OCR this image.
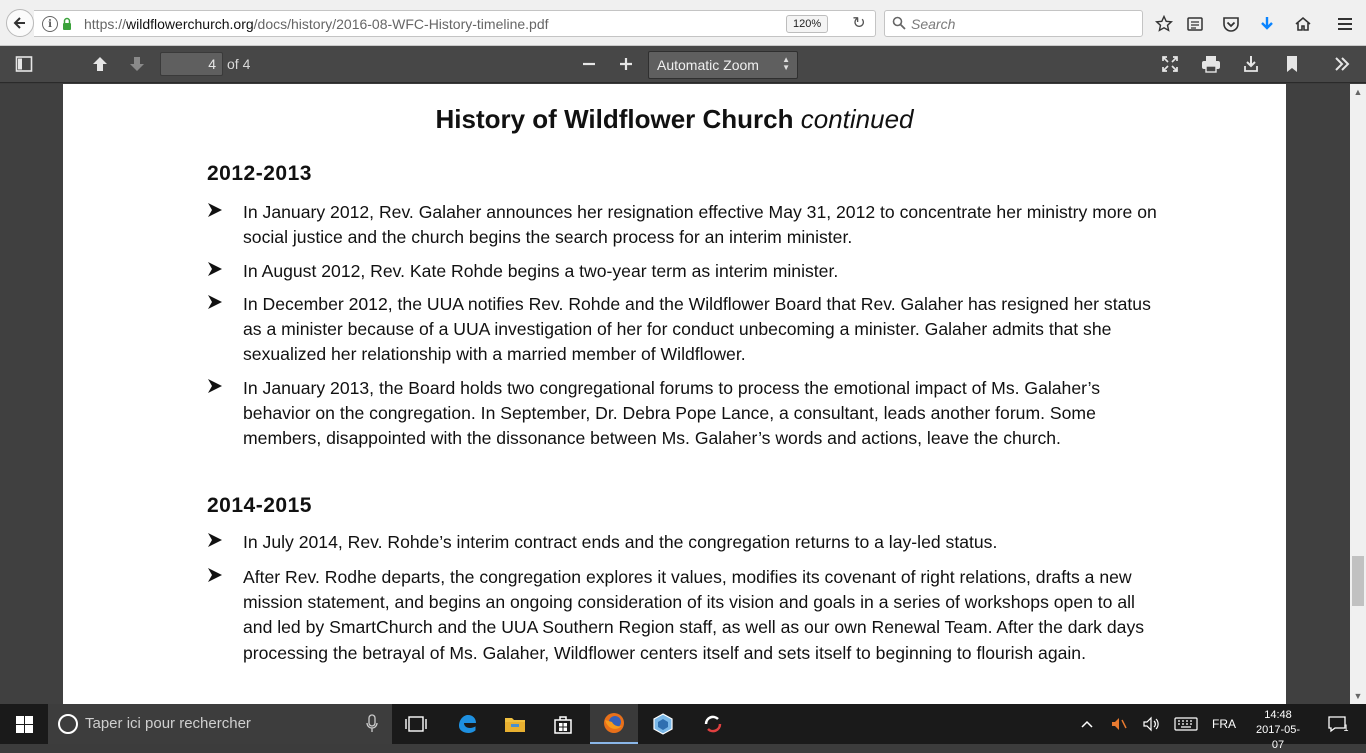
i	https://wildflowerchurch.org/docs/history/2016-08-WFC-History-timeline.pdf	120%	↻	Search
4 of 4	Automatic Zoom	▲
▼
History of Wildflower Church continued
2012-2013
In January 2012, Rev. Galaher announces her resignation effective May 31, 2012 to concentrate her ministry more on social justice and the church begins the search process for an interim minister.
In August 2012, Rev. Kate Rohde begins a two-year term as interim minister.
In December 2012, the UUA notifies Rev. Rohde and the Wildflower Board that Rev. Galaher has resigned her status as a minister because of a UUA investigation of her for conduct unbecoming a minister. Galaher admits that she sexualized her relationship with a married member of Wildflower.
In January 2013, the Board holds two congregational forums to process the emotional impact of Ms. Galaher’s behavior on the congregation. In September, Dr. Debra Pope Lance, a consultant, leads another forum. Some members, disappointed with the dissonance between Ms. Galaher’s words and actions, leave the church.
2014-2015
In July 2014, Rev. Rohde’s interim contract ends and the congregation returns to a lay-led status.
After Rev. Rodhe departs, the congregation explores it values, modifies its covenant of right relations, drafts a new mission statement, and begins an ongoing consideration of its vision and goals in a series of workshops open to all and led by SmartChurch and the UUA Southern Region staff, as well as our own Renewal Team. After the dark days processing the betrayal of Ms. Galaher, Wildflower centers itself and sets itself to beginning to flourish again.
▲
▼
Taper ici pour rechercher	FRA
14:48
2017-05-07
1
